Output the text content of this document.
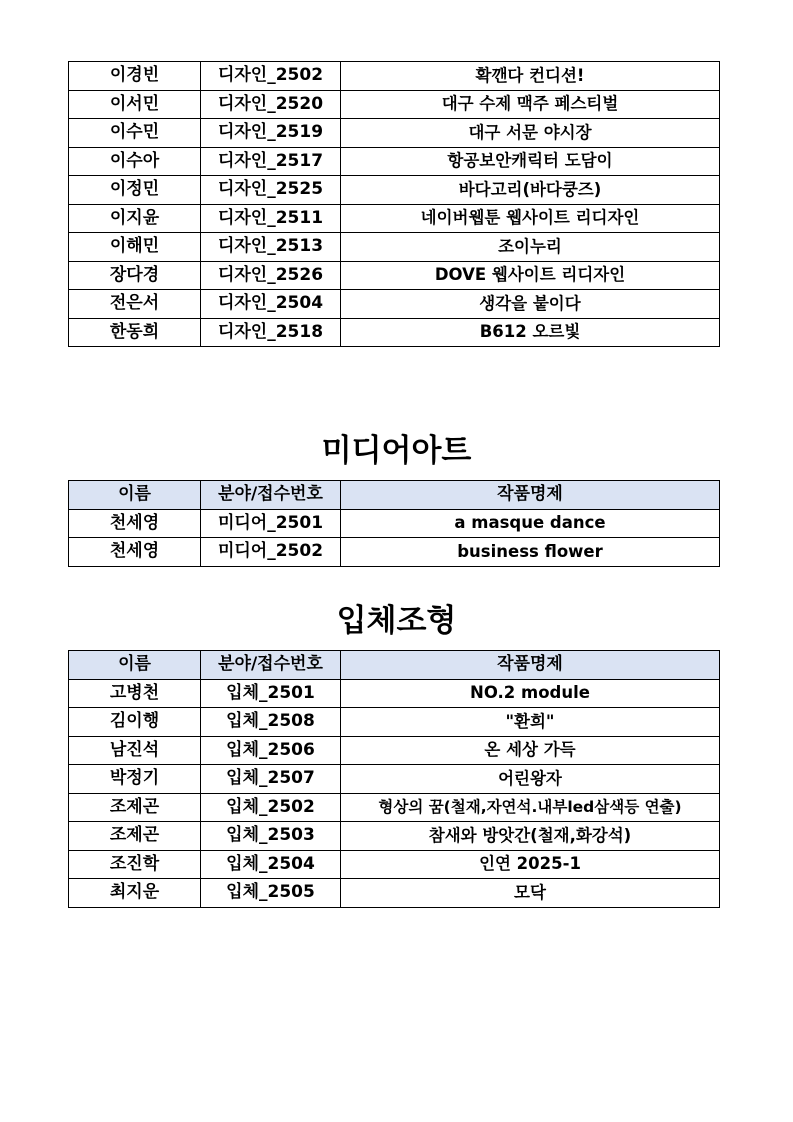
이경빈	디자인_2502	확깬다 컨디션!
이서민	디자인_2520	대구 수제 맥주 페스티벌
이수민	디자인_2519	대구 서문 야시장
이수아	디자인_2517	항공보안캐릭터 도담이
이정민	디자인_2525	바다고리(바다쿵즈)
이지윤	디자인_2511	네이버웹툰 웹사이트 리디자인
이해민	디자인_2513	조이누리
장다경	디자인_2526	DOVE 웹사이트 리디자인
전은서	디자인_2504	생각을 붙이다
한동희	디자인_2518	B612 오르빛
미디어아트
이름	분야/접수번호	작품명제
천세영	미디어_2501	a masque dance
천세영	미디어_2502	business flower
입체조형
이름	분야/접수번호	작품명제
고병천	입체_2501	NO.2 module
김이행	입체_2508	"환희"
남진석	입체_2506	온 세상 가득
박정기	입체_2507	어린왕자
조제곤	입체_2502	형상의 꿈(철재,자연석.내부led삼색등 연출)
조제곤	입체_2503	참새와 방앗간(철재,화강석)
조진학	입체_2504	인연 2025-1
최지운	입체_2505	모닥
